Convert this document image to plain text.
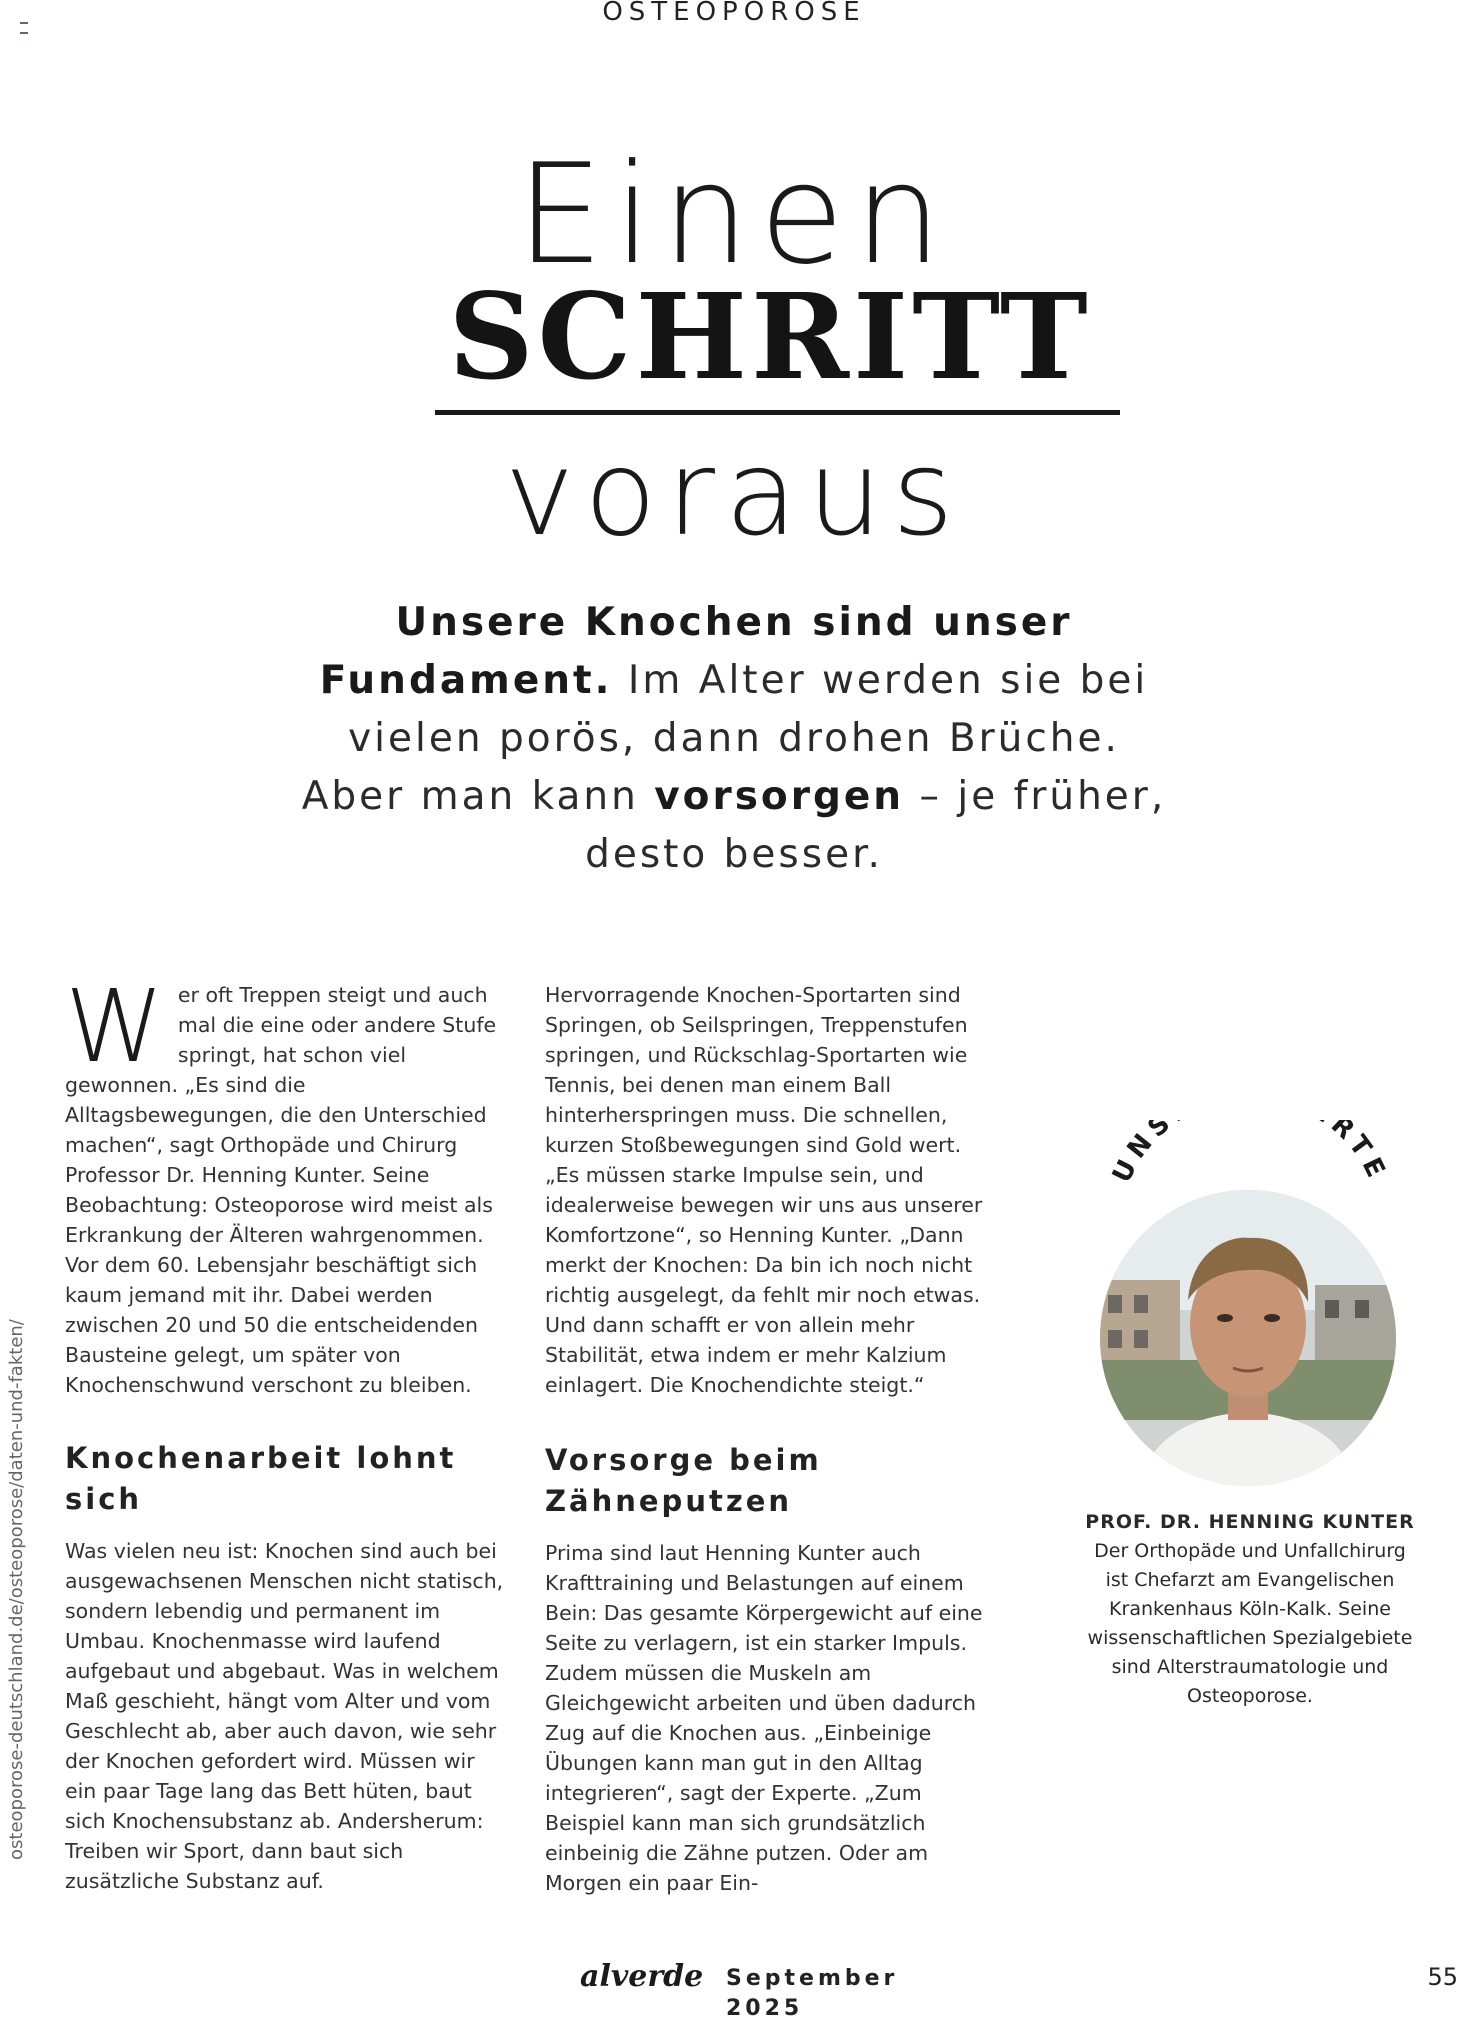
OSTEOPOROSE
Einen
SCHRITT
voraus
Unsere Knochen sind unser Fundament. Im Alter werden sie bei vielen porös, dann drohen Brüche. Aber man kann vorsorgen – je früher, desto besser.

Wer oft Treppen steigt und auch mal die eine oder andere Stufe springt, hat schon viel gewonnen. „Es sind die Alltagsbewegungen, die den Unterschied machen“, sagt Orthopäde und Chirurg Professor Dr. Henning Kunter. Seine Beobachtung: Osteoporose wird meist als Erkrankung der Älteren wahrgenommen. Vor dem 60. Lebensjahr beschäftigt sich kaum jemand mit ihr. Dabei werden zwischen 20 und 50 die entscheidenden Bausteine gelegt, um später von Knochenschwund verschont zu bleiben.

Knochenarbeit lohnt sich

Was vielen neu ist: Knochen sind auch bei ausgewachsenen Menschen nicht statisch, sondern lebendig und permanent im Umbau. Knochenmasse wird laufend aufgebaut und abgebaut. Was in welchem Maß geschieht, hängt vom Alter und vom Geschlecht ab, aber auch davon, wie sehr der Knochen gefordert wird. Müssen wir ein paar Tage lang das Bett hüten, baut sich Knochensubstanz ab. Andersherum: Treiben wir Sport, dann baut sich zusätzliche Substanz auf.

Hervorragende Knochen-Sportarten sind Springen, ob Seilspringen, Treppenstufen springen, und Rückschlag-Sportarten wie Tennis, bei denen man einem Ball hinterherspringen muss. Die schnellen, kurzen Stoßbewegungen sind Gold wert. „Es müssen starke Impulse sein, und idealerweise bewegen wir uns aus unserer Komfortzone“, so Henning Kunter. „Dann merkt der Knochen: Da bin ich noch nicht richtig ausgelegt, da fehlt mir noch etwas. Und dann schafft er von allein mehr Stabilität, etwa indem er mehr Kalzium einlagert. Die Knochendichte steigt.“

Vorsorge beim Zähneputzen

Prima sind laut Henning Kunter auch Krafttraining und Belastungen auf einem Bein: Das gesamte Körpergewicht auf eine Seite zu verlagern, ist ein starker Impuls. Zudem müssen die Muskeln am Gleichgewicht arbeiten und üben dadurch Zug auf die Knochen aus. „Einbeinige Übungen kann man gut in den Alltag integrieren“, sagt der Experte. „Zum Beispiel kann man sich grundsätzlich einbeinig die Zähne putzen. Oder am Morgen ein paar Ein-

UNS RTE
PROF. DR. HENNING KUNTER
Der Orthopäde und Unfallchirurg ist Chefarzt am Evangelischen Krankenhaus Köln-Kalk. Seine wissenschaftlichen Spezialgebiete sind Alterstraumatologie und Osteoporose.
osteoporose-deutschland.de/osteoporose/daten-und-fakten/
alverde September 2025
55
